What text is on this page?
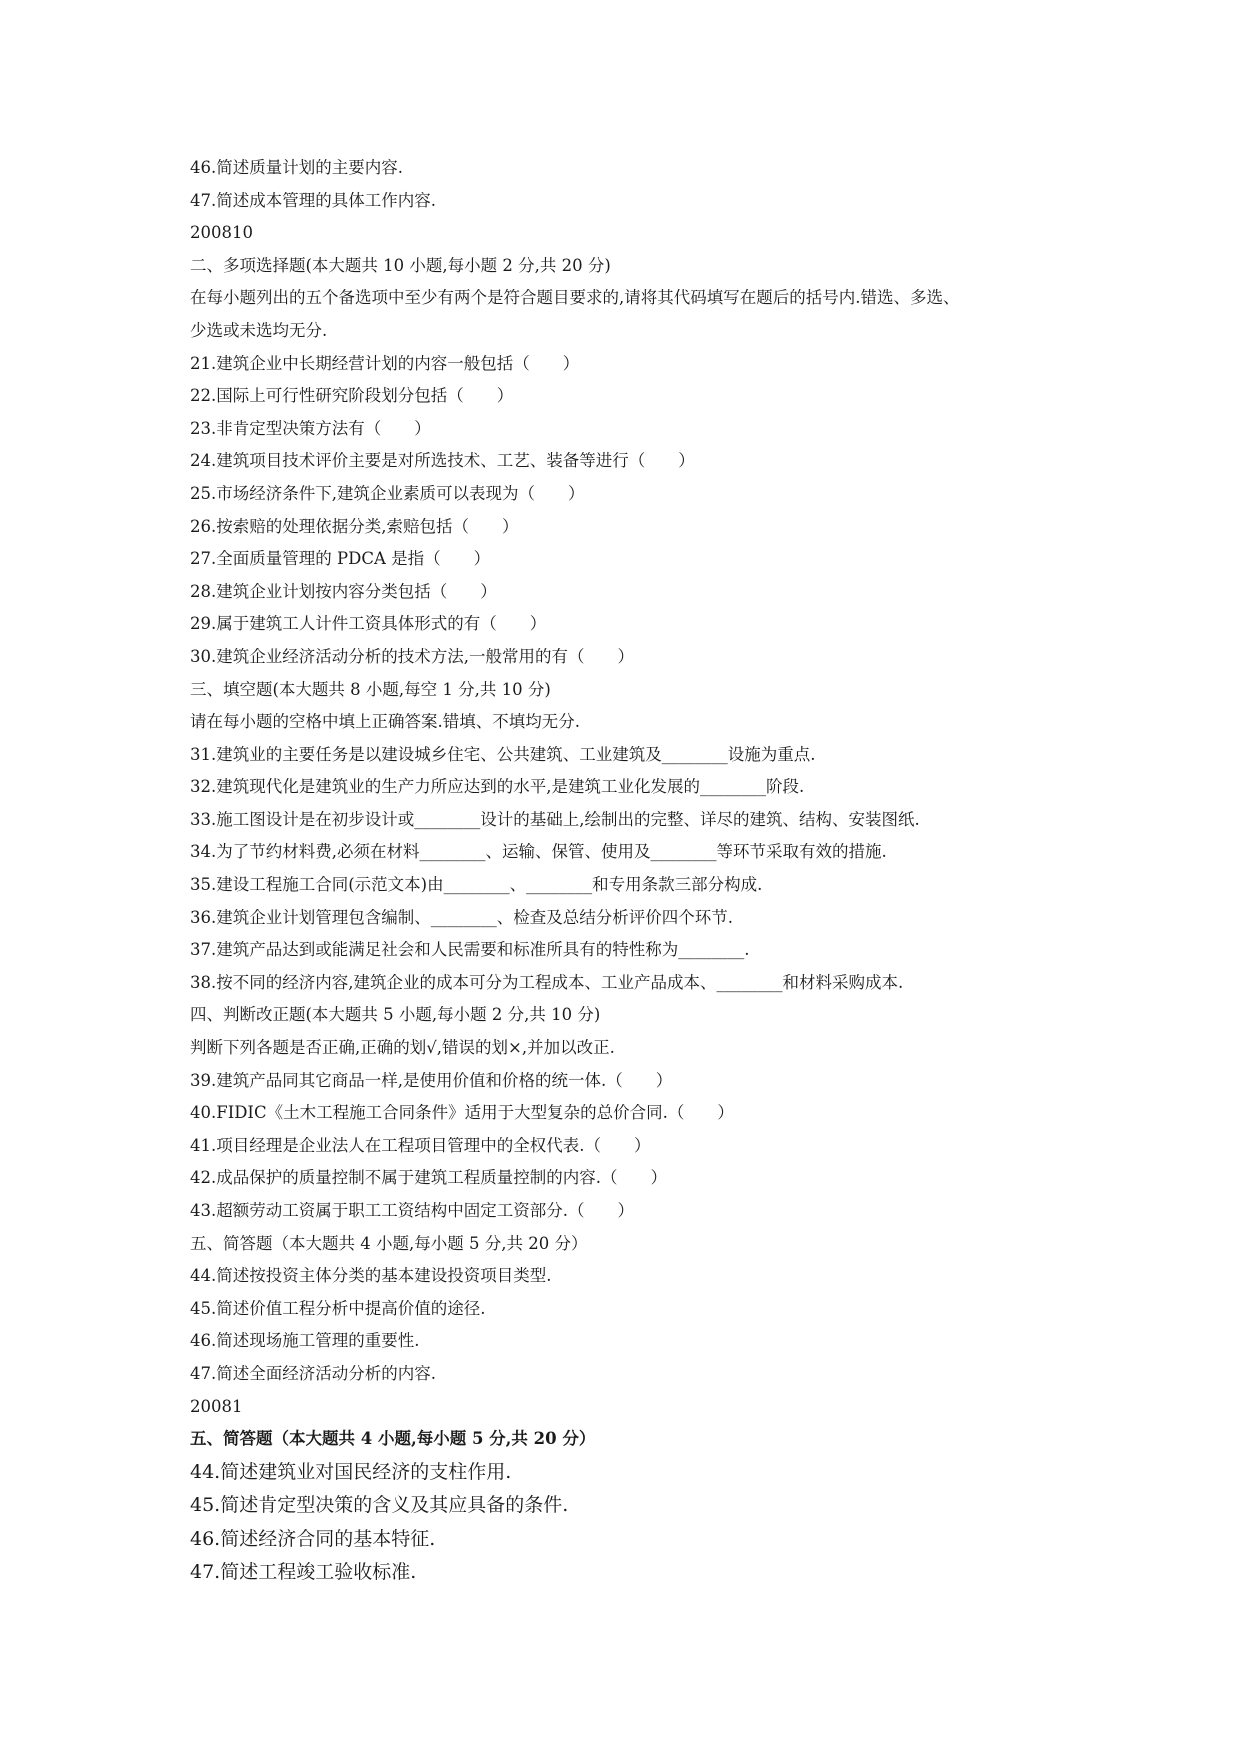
46.简述质量计划的主要内容.
47.简述成本管理的具体工作内容.
200810
二、多项选择题(本大题共 10 小题,每小题 2 分,共 20 分)
在每小题列出的五个备选项中至少有两个是符合题目要求的,请将其代码填写在题后的括号内.错选、多选、
少选或未选均无分.
21.建筑企业中长期经营计划的内容一般包括（　　）
22.国际上可行性研究阶段划分包括（　　）
23.非肯定型决策方法有（　　）
24.建筑项目技术评价主要是对所选技术、工艺、装备等进行（　　）
25.市场经济条件下,建筑企业素质可以表现为（　　）
26.按索赔的处理依据分类,索赔包括（　　）
27.全面质量管理的 PDCA 是指（　　）
28.建筑企业计划按内容分类包括（　　）
29.属于建筑工人计件工资具体形式的有（　　）
30.建筑企业经济活动分析的技术方法,一般常用的有（　　）
三、填空题(本大题共 8 小题,每空 1 分,共 10 分)
请在每小题的空格中填上正确答案.错填、不填均无分.
31.建筑业的主要任务是以建设城乡住宅、公共建筑、工业建筑及________设施为重点.
32.建筑现代化是建筑业的生产力所应达到的水平,是建筑工业化发展的________阶段.
33.施工图设计是在初步设计或________设计的基础上,绘制出的完整、详尽的建筑、结构、安装图纸.
34.为了节约材料费,必须在材料________、运输、保管、使用及________等环节采取有效的措施.
35.建设工程施工合同(示范文本)由________、________和专用条款三部分构成.
36.建筑企业计划管理包含编制、________、检查及总结分析评价四个环节.
37.建筑产品达到或能满足社会和人民需要和标准所具有的特性称为________.
38.按不同的经济内容,建筑企业的成本可分为工程成本、工业产品成本、________和材料采购成本.
四、判断改正题(本大题共 5 小题,每小题 2 分,共 10 分)
判断下列各题是否正确,正确的划√,错误的划×,并加以改正.
39.建筑产品同其它商品一样,是使用价值和价格的统一体.（　　）
40.FIDIC《土木工程施工合同条件》适用于大型复杂的总价合同.（　　）
41.项目经理是企业法人在工程项目管理中的全权代表.（　　）
42.成品保护的质量控制不属于建筑工程质量控制的内容.（　　）
43.超额劳动工资属于职工工资结构中固定工资部分.（　　）
五、简答题（本大题共 4 小题,每小题 5 分,共 20 分）
44.简述按投资主体分类的基本建设投资项目类型.
45.简述价值工程分析中提高价值的途径.
46.简述现场施工管理的重要性.
47.简述全面经济活动分析的内容.
20081
五、简答题（本大题共 4 小题,每小题 5 分,共 20 分）
44.简述建筑业对国民经济的支柱作用.
45.简述肯定型决策的含义及其应具备的条件.
46.简述经济合同的基本特征.
47.简述工程竣工验收标准.
